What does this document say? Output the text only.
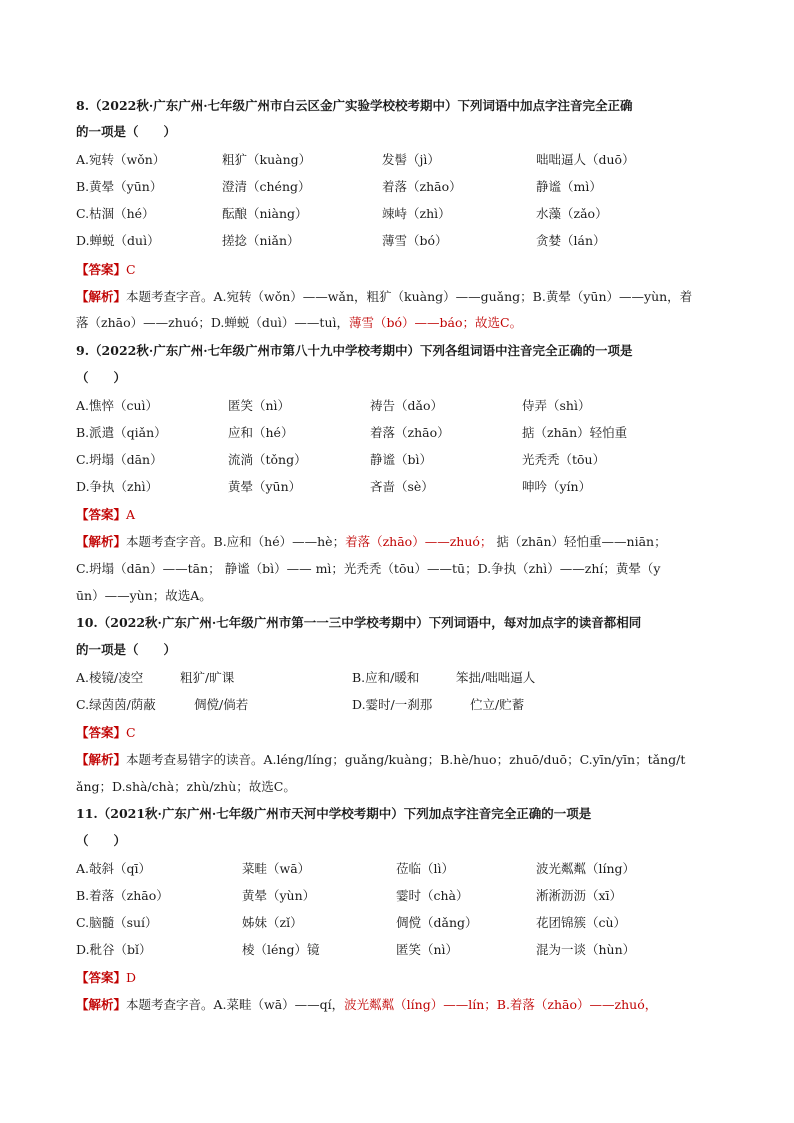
8.（2022秋·广东广州·七年级广州市白云区金广实验学校校考期中）下列词语中加点字注音完全正确
的一项是（　　）
A.宛转（wǒn）	粗犷（kuàng）	发髻（jì）	咄咄逼人（duō）
B.黄晕（yūn）	澄清（chéng）	着落（zhāo）	静谧（mì）
C.枯涸（hé）	酝酿（niàng）	竦峙（zhì）	水藻（zǎo）
D.蝉蜕（duì）	搓捻（niǎn）	薄雪（bó）	贪婪（lán）
【答案】C
【解析】本题考查字音。A.宛转（wǒn）——wǎn，粗犷（kuàng）——guǎng；B.黄晕（yūn）——yùn，着
落（zhāo）——zhuó；D.蝉蜕（duì）——tuì，薄雪（bó）——báo；故选C。
9.（2022秋·广东广州·七年级广州市第八十九中学校考期中）下列各组词语中注音完全正确的一项是
（　　）
A.憔悴（cuì）	匿笑（nì）	祷告（dǎo）	侍弄（shì）
B.派遣（qiǎn）	应和（hé）	着落（zhāo）	掂（zhān）轻怕重
C.坍塌（dān）	流淌（tǒng）	静谧（bì）	光秃秃（tōu）
D.争执（zhì）	黄晕（yūn）	吝啬（sè）	呻吟（yín）
【答案】A
【解析】本题考查字音。B.应和（hé）——hè；着落（zhāo）——zhuó； 掂（zhān）轻怕重——niān；
C.坍塌（dān）——tān； 静谧（bì）—— mì；光秃秃（tōu）——tū；D.争执（zhì）——zhí；黄晕（y
ūn）——yùn；故选A。
10.（2022秋·广东广州·七年级广州市第一一三中学校考期中）下列词语中，每对加点字的读音都相同
的一项是（　　）
A.棱镜/凌空	粗犷/旷课	B.应和/暖和	笨拙/咄咄逼人
C.绿茵茵/荫蔽	倜傥/倘若	D.霎时/一刹那	伫立/贮蓄
【答案】C
【解析】本题考查易错字的读音。A.léng/líng；guǎng/kuàng；B.hè/huo；zhuō/duō；C.yīn/yīn；tǎng/t
ǎng；D.shà/chà；zhù/zhù；故选C。
11.（2021秋·广东广州·七年级广州市天河中学校考期中）下列加点字注音完全正确的一项是
（　　）
A.敧斜（qī）	菜畦（wā）	莅临（lì）	波光粼粼（líng）
B.着落（zhāo）	黄晕（yùn）	霎时（chà）	淅淅沥沥（xī）
C.脑髓（suí）	姊妹（zǐ）	倜傥（dǎng）	花团锦簇（cù）
D.秕谷（bǐ）	棱（léng）镜	匿笑（nì）	混为一谈（hùn）
【答案】D
【解析】本题考查字音。A.菜畦（wā）——qí，波光粼粼（líng）——lín；B.着落（zhāo）——zhuó，
